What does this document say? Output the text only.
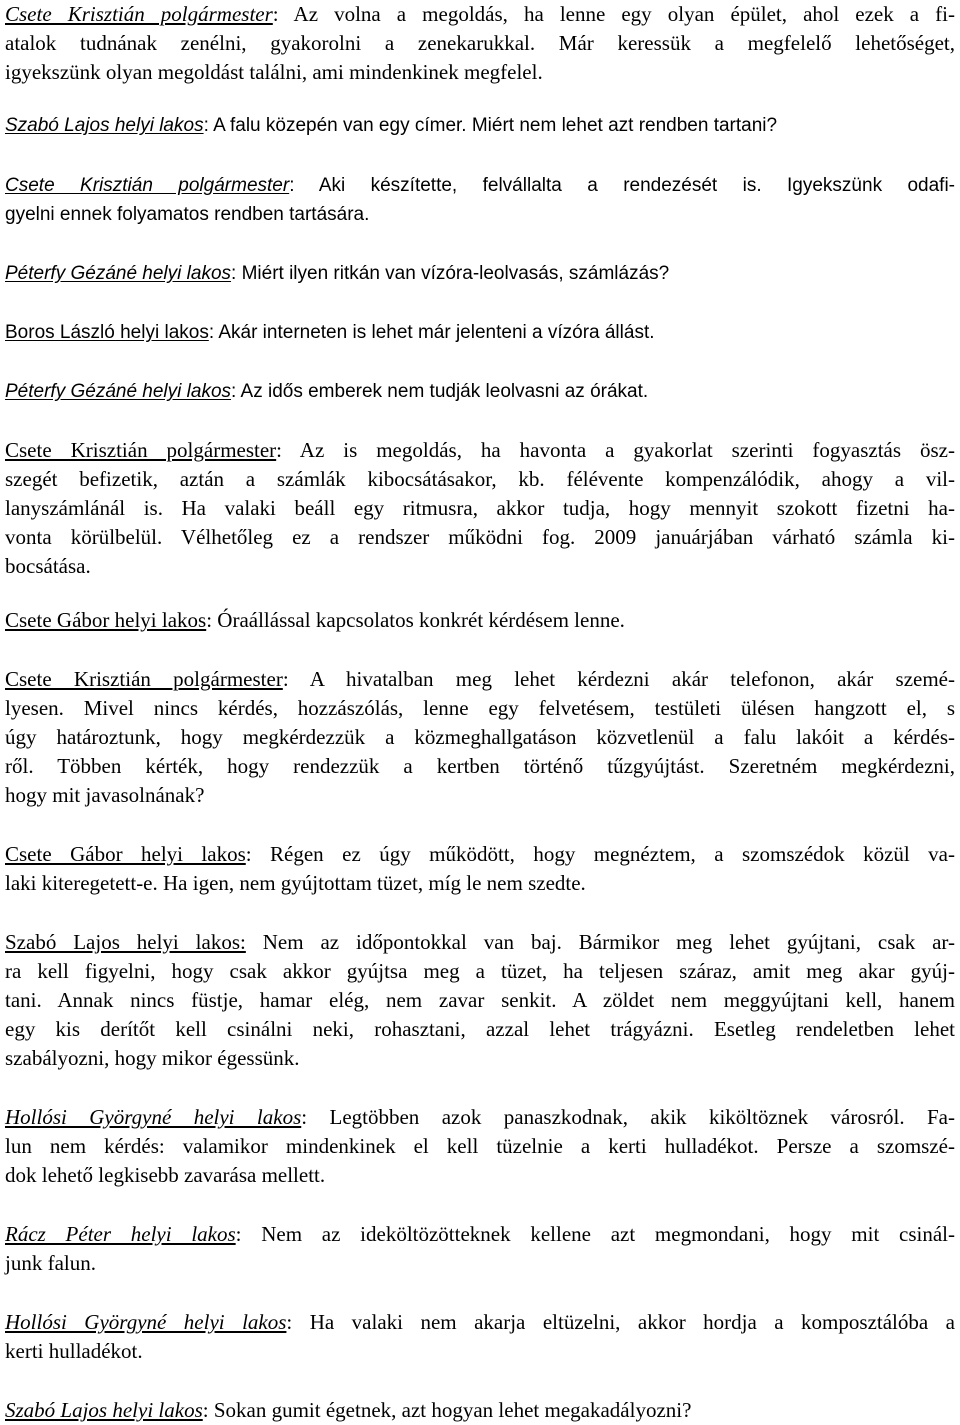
Csete Krisztián polgármester: Az volna a megoldás, ha lenne egy olyan épület, ahol ezek a fi-
atalok tudnának zenélni, gyakorolni a zenekarukkal. Már keressük a megfelelő lehetőséget,
igyekszünk olyan megoldást találni, ami mindenkinek megfelel.
Szabó Lajos helyi lakos: A falu közepén van egy címer. Miért nem lehet azt rendben tartani?
Csete Krisztián polgármester: Aki készítette, felvállalta a rendezését is. Igyekszünk odafi-
gyelni ennek folyamatos rendben tartására.
Péterfy Gézáné helyi lakos: Miért ilyen ritkán van vízóra-leolvasás, számlázás?
Boros László helyi lakos: Akár interneten is lehet már jelenteni a vízóra állást.
Péterfy Gézáné helyi lakos: Az idős emberek nem tudják leolvasni az órákat.
Csete Krisztián polgármester: Az is megoldás, ha havonta a gyakorlat szerinti fogyasztás ösz-
szegét befizetik, aztán a számlák kibocsátásakor, kb. félévente kompenzálódik, ahogy a vil-
lanyszámlánál is. Ha valaki beáll egy ritmusra, akkor tudja, hogy mennyit szokott fizetni ha-
vonta körülbelül. Vélhetőleg ez a rendszer működni fog. 2009 januárjában várható számla ki-
bocsátása.
Csete Gábor helyi lakos: Óraállással kapcsolatos konkrét kérdésem lenne.
Csete Krisztián polgármester: A hivatalban meg lehet kérdezni akár telefonon, akár szemé-
lyesen. Mivel nincs kérdés, hozzászólás, lenne egy felvetésem, testületi ülésen hangzott el, s
úgy határoztunk, hogy megkérdezzük a közmeghallgatáson közvetlenül a falu lakóit a kérdés-
ről. Többen kérték, hogy rendezzük a kertben történő tűzgyújtást. Szeretném megkérdezni,
hogy mit javasolnának?
Csete Gábor helyi lakos: Régen ez úgy működött, hogy megnéztem, a szomszédok közül va-
laki kiteregetett-e. Ha igen, nem gyújtottam tüzet, míg le nem szedte.
Szabó Lajos helyi lakos: Nem az időpontokkal van baj. Bármikor meg lehet gyújtani, csak ar-
ra kell figyelni, hogy csak akkor gyújtsa meg a tüzet, ha teljesen száraz, amit meg akar gyúj-
tani. Annak nincs füstje, hamar elég, nem zavar senkit. A zöldet nem meggyújtani kell, hanem
egy kis derítőt kell csinálni neki, rohasztani, azzal lehet trágyázni. Esetleg rendeletben lehet
szabályozni, hogy mikor égessünk.
Hollósi Györgyné helyi lakos: Legtöbben azok panaszkodnak, akik kiköltöznek városról. Fa-
lun nem kérdés: valamikor mindenkinek el kell tüzelnie a kerti hulladékot. Persze a szomszé-
dok lehető legkisebb zavarása mellett.
Rácz Péter helyi lakos: Nem az ideköltözötteknek kellene azt megmondani, hogy mit csinál-
junk falun.
Hollósi Györgyné helyi lakos: Ha valaki nem akarja eltüzelni, akkor hordja a komposztálóba a
kerti hulladékot.
Szabó Lajos helyi lakos: Sokan gumit égetnek, azt hogyan lehet megakadályozni?
